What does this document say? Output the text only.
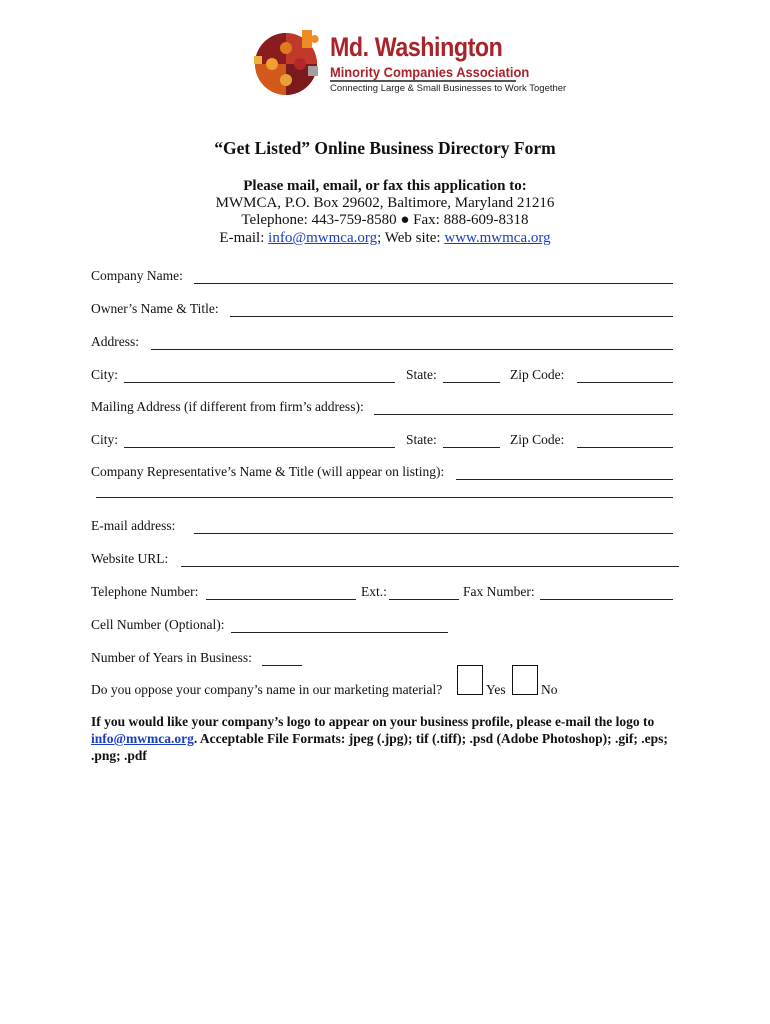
Md. Washington
Minority Companies Association
Connecting Large & Small Businesses to Work Together
“Get Listed” Online Business Directory Form
Please mail, email, or fax this application to:
MWMCA, P.O. Box 29602, Baltimore, Maryland 21216
Telephone: 443-759-8580 ● Fax: 888-609-8318
E-mail: info@mwmca.org; Web site: www.mwmca.org
Company Name:
Owner’s Name & Title:
Address:
City:	State:	Zip Code:
Mailing Address (if different from firm’s address):
City:	State:	Zip Code:
Company Representative’s Name & Title (will appear on listing):
E-mail address:
Website URL:
Telephone Number:	Ext.:	Fax Number:
Cell Number (Optional):
Number of Years in Business:
Do you oppose your company’s name in our marketing material?	Yes	No
If you would like your company’s logo to appear on your business profile, please e-mail the logo to info@mwmca.org. Acceptable File Formats: jpeg (.jpg); tif (.tiff); .psd (Adobe Photoshop); .gif; .eps; .png; .pdf
